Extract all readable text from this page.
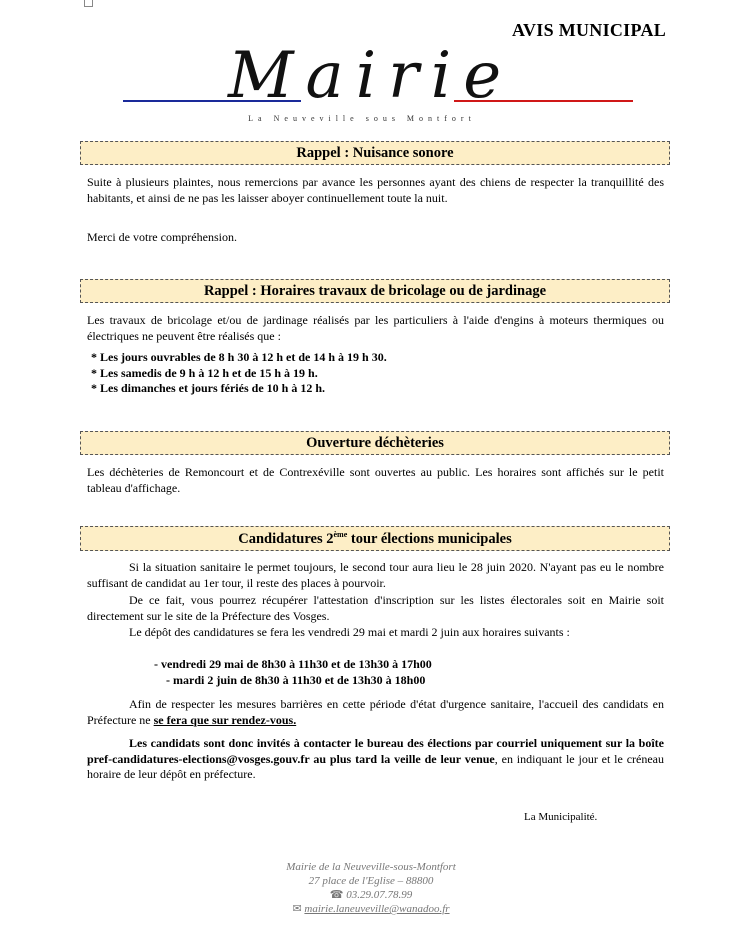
AVIS MUNICIPAL
Mairie
La Neuveville sous Montfort
Rappel : Nuisance sonore
Suite à plusieurs plaintes, nous remercions par avance les personnes ayant des chiens de respecter la tranquillité des habitants, et ainsi de ne pas les laisser aboyer continuellement toute la nuit.
Merci de votre compréhension.
Rappel : Horaires travaux de bricolage ou de jardinage
Les travaux de bricolage et/ou de jardinage réalisés par les particuliers à l'aide d'engins à moteurs thermiques ou électriques ne peuvent être réalisés que :
* Les jours ouvrables de 8 h 30 à 12 h et de 14 h à 19 h 30.
* Les samedis de 9 h à 12 h et de 15 h à 19 h.
* Les dimanches et jours fériés de 10 h à 12 h.
Ouverture déchèteries
Les déchèteries de Remoncourt et de Contrexéville sont ouvertes au public. Les horaires sont affichés sur le petit tableau d'affichage.
Candidatures 2ème tour élections municipales
Si la situation sanitaire le permet toujours, le second tour aura lieu le 28 juin 2020. N'ayant pas eu le nombre suffisant de candidat au 1er tour, il reste des places à pourvoir.
De ce fait, vous pourrez récupérer l'attestation d'inscription sur les listes électorales soit en Mairie soit directement sur le site de la Préfecture des Vosges.
Le dépôt des candidatures se fera les vendredi 29 mai et mardi 2 juin aux horaires suivants :
- vendredi 29 mai de 8h30 à 11h30 et de 13h30 à 17h00
- mardi 2 juin de 8h30 à 11h30 et de 13h30 à 18h00
Afin de respecter les mesures barrières en cette période d'état d'urgence sanitaire, l'accueil des candidats en Préfecture ne se fera que sur rendez-vous.
Les candidats sont donc invités à contacter le bureau des élections par courriel uniquement sur la boîte pref-candidatures-elections@vosges.gouv.fr au plus tard la veille de leur venue, en indiquant le jour et le créneau horaire de leur dépôt en préfecture.
La Municipalité.
Mairie de la Neuveville-sous-Montfort
27 place de l'Eglise – 88800
☎ 03.29.07.78.99
✉ mairie.laneuveville@wanadoo.fr
